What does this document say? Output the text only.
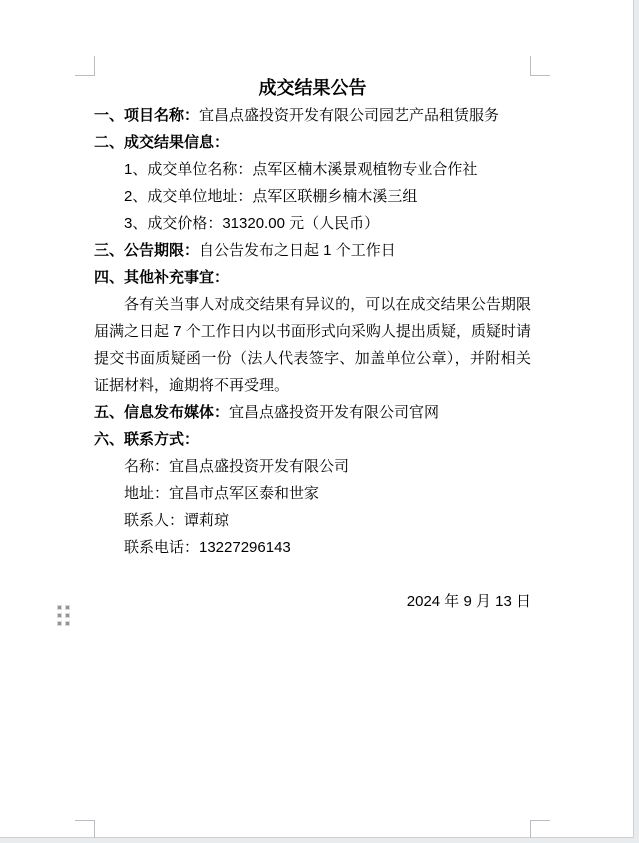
成交结果公告

一、项目名称：宜昌点盛投资开发有限公司园艺产品租赁服务

二、成交结果信息：

1、成交单位名称：点军区楠木溪景观植物专业合作社

2、成交单位地址：点军区联棚乡楠木溪三组

3、成交价格：31320.00 元（人民币）

三、公告期限：自公告发布之日起 1 个工作日

四、其他补充事宜：

各有关当事人对成交结果有异议的，可以在成交结果公告期限届满之日起 7 个工作日内以书面形式向采购人提出质疑，质疑时请提交书面质疑函一份（法人代表签字、加盖单位公章），并附相关证据材料，逾期将不再受理。

五、信息发布媒体：宜昌点盛投资开发有限公司官网

六、联系方式：

名称：宜昌点盛投资开发有限公司

地址：宜昌市点军区泰和世家

联系人：谭莉琼

联系电话：13227296143

2024 年 9 月 13 日
